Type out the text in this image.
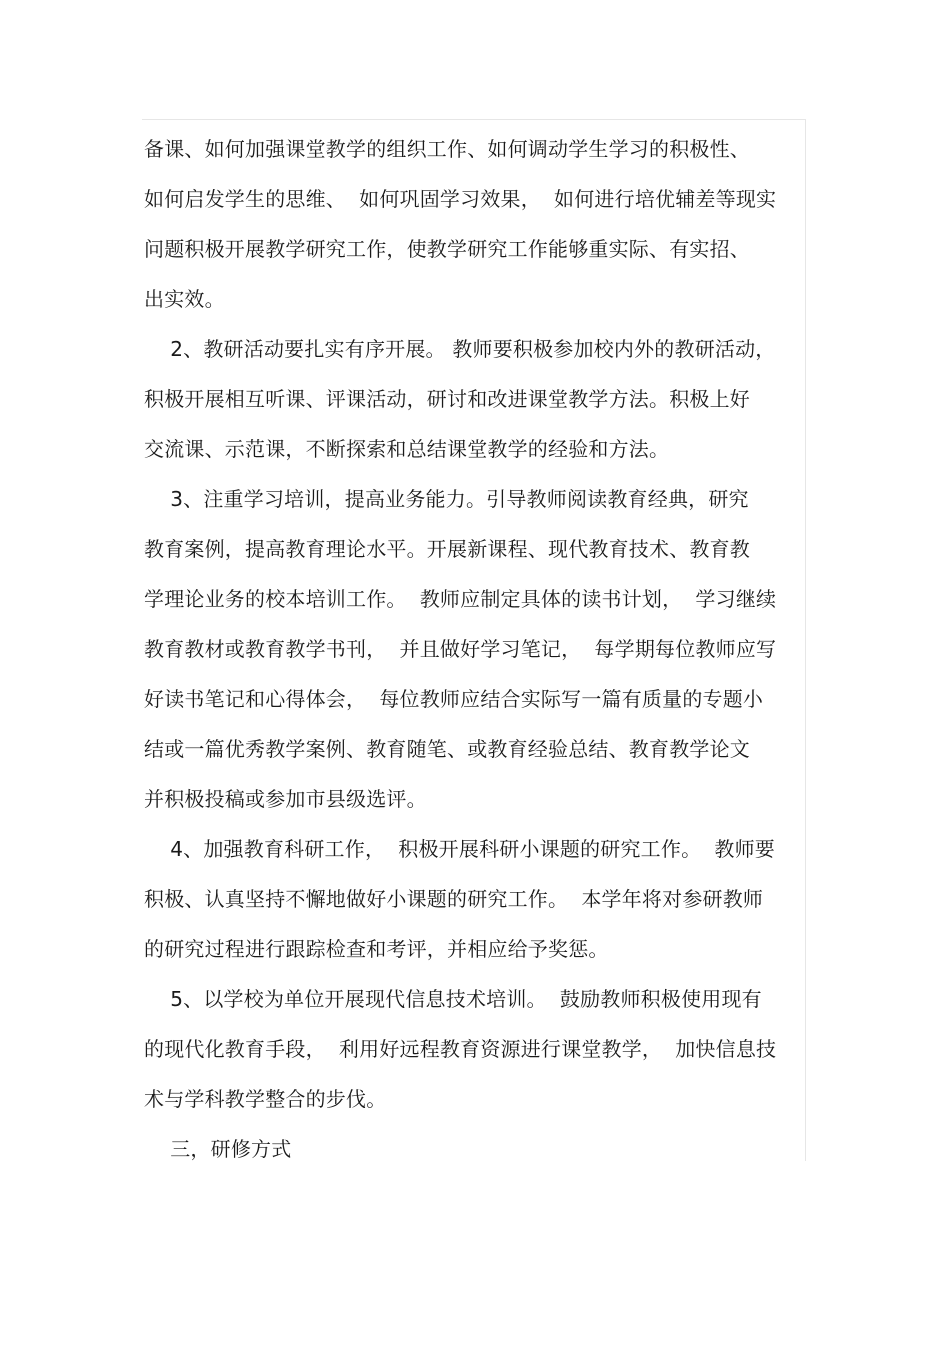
备课、如何加强课堂教学的组织工作、如何调动学生学习的积极性、
如何启发学生的思维、  如何巩固学习效果，  如何进行培优辅差等现实
问题积极开展教学研究工作，使教学研究工作能够重实际、有实招、
出实效。
2、教研活动要扎实有序开展。 教师要积极参加校内外的教研活动，
积极开展相互听课、评课活动，研讨和改进课堂教学方法。积极上好
交流课、示范课，不断探索和总结课堂教学的经验和方法。
3、注重学习培训，提高业务能力。引导教师阅读教育经典，研究
教育案例，提高教育理论水平。开展新课程、现代教育技术、教育教
学理论业务的校本培训工作。  教师应制定具体的读书计划，  学习继续
教育教材或教育教学书刊，  并且做好学习笔记，  每学期每位教师应写
好读书笔记和心得体会，  每位教师应结合实际写一篇有质量的专题小
结或一篇优秀教学案例、教育随笔、或教育经验总结、教育教学论文
并积极投稿或参加市县级选评。
4、加强教育科研工作，  积极开展科研小课题的研究工作。  教师要
积极、认真坚持不懈地做好小课题的研究工作。  本学年将对参研教师
的研究过程进行跟踪检查和考评，并相应给予奖惩。
5、以学校为单位开展现代信息技术培训。  鼓励教师积极使用现有
的现代化教育手段，  利用好远程教育资源进行课堂教学，  加快信息技
术与学科教学整合的步伐。
三，研修方式
